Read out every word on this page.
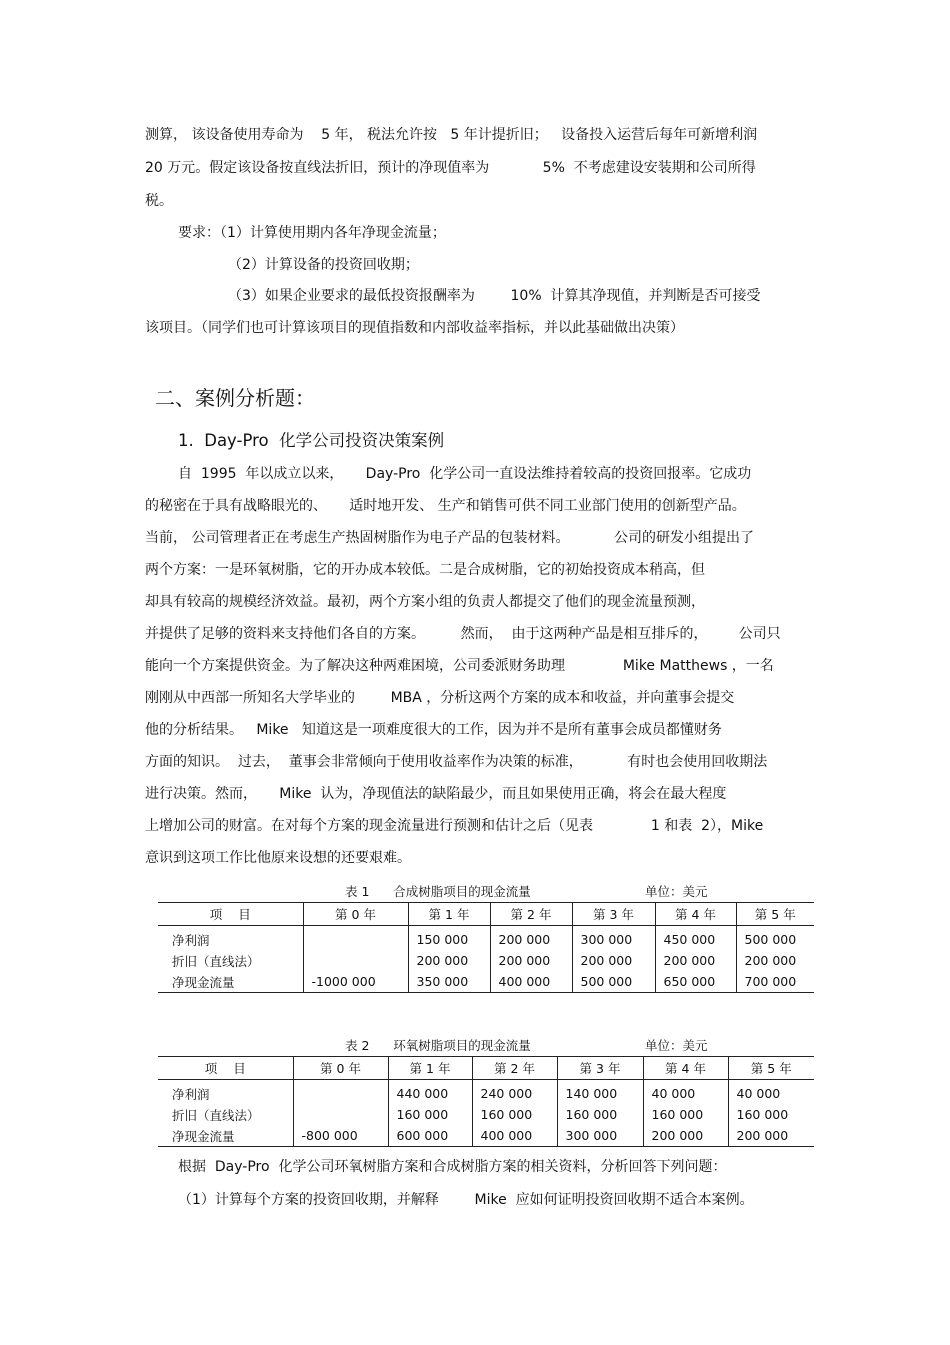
测算， 该设备使用寿命为    5 年， 税法允许按   5 年计提折旧；   设备投入运营后每年可新增利润
20 万元。假定该设备按直线法折旧，预计的净现值率为            5%  不考虑建设安装期和公司所得
税。
要求：（1）计算使用期内各年净现金流量；
（2）计算设备的投资回收期；
（3）如果企业要求的最低投资报酬率为        10%  计算其净现值，并判断是否可接受
该项目。（同学们也可计算该项目的现值指数和内部收益率指标，并以此基础做出决策）
二、案例分析题：
1.  Day-Pro  化学公司投资决策案例
自  1995  年以成立以来，     Day-Pro  化学公司一直设法维持着较高的投资回报率。它成功
的秘密在于具有战略眼光的、     适时地开发、 生产和销售可供不同工业部门使用的创新型产品。
当前， 公司管理者正在考虑生产热固树脂作为电子产品的包装材料。          公司的研发小组提出了
两个方案：一是环氧树脂，它的开办成本较低。二是合成树脂，它的初始投资成本稍高，但
却具有较高的规模经济效益。最初，两个方案小组的负责人都提交了他们的现金流量预测，
并提供了足够的资料来支持他们各自的方案。        然而，  由于这两种产品是相互排斥的，       公司只
能向一个方案提供资金。为了解决这种两难困境，公司委派财务助理             Mike Matthews ，一名
刚刚从中西部一所知名大学毕业的        MBA ，分析这两个方案的成本和收益，并向董事会提交
他的分析结果。   Mike   知道这是一项难度很大的工作，因为并不是所有董事会成员都懂财务
方面的知识。  过去，  董事会非常倾向于使用收益率作为决策的标准，          有时也会使用回收期法
进行决策。然而，     Mike  认为，净现值法的缺陷最少，而且如果使用正确，将会在最大程度
上增加公司的财富。在对每个方案的现金流量进行预测和估计之后（见表             1 和表  2），Mike
意识到这项工作比他原来设想的还要艰难。
表 1      合成树脂项目的现金流量	单位：美元
项    目	第 0 年	第 1 年	第 2 年	第 3 年	第 4 年	第 5 年
净利润		150 000	200 000	300 000	450 000	500 000
折旧（直线法）		200 000	200 000	200 000	200 000	200 000
净现金流量	-1000 000	350 000	400 000	500 000	650 000	700 000
表 2      环氧树脂项目的现金流量	单位：美元
项    目	第 0 年	第 1 年	第 2 年	第 3 年	第 4 年	第 5 年
净利润		440 000	240 000	140 000	40 000	40 000
折旧（直线法）		160 000	160 000	160 000	160 000	160 000
净现金流量	-800 000	600 000	400 000	300 000	200 000	200 000
根据  Day-Pro  化学公司环氧树脂方案和合成树脂方案的相关资料，分析回答下列问题：
（1）计算每个方案的投资回收期，并解释        Mike  应如何证明投资回收期不适合本案例。
